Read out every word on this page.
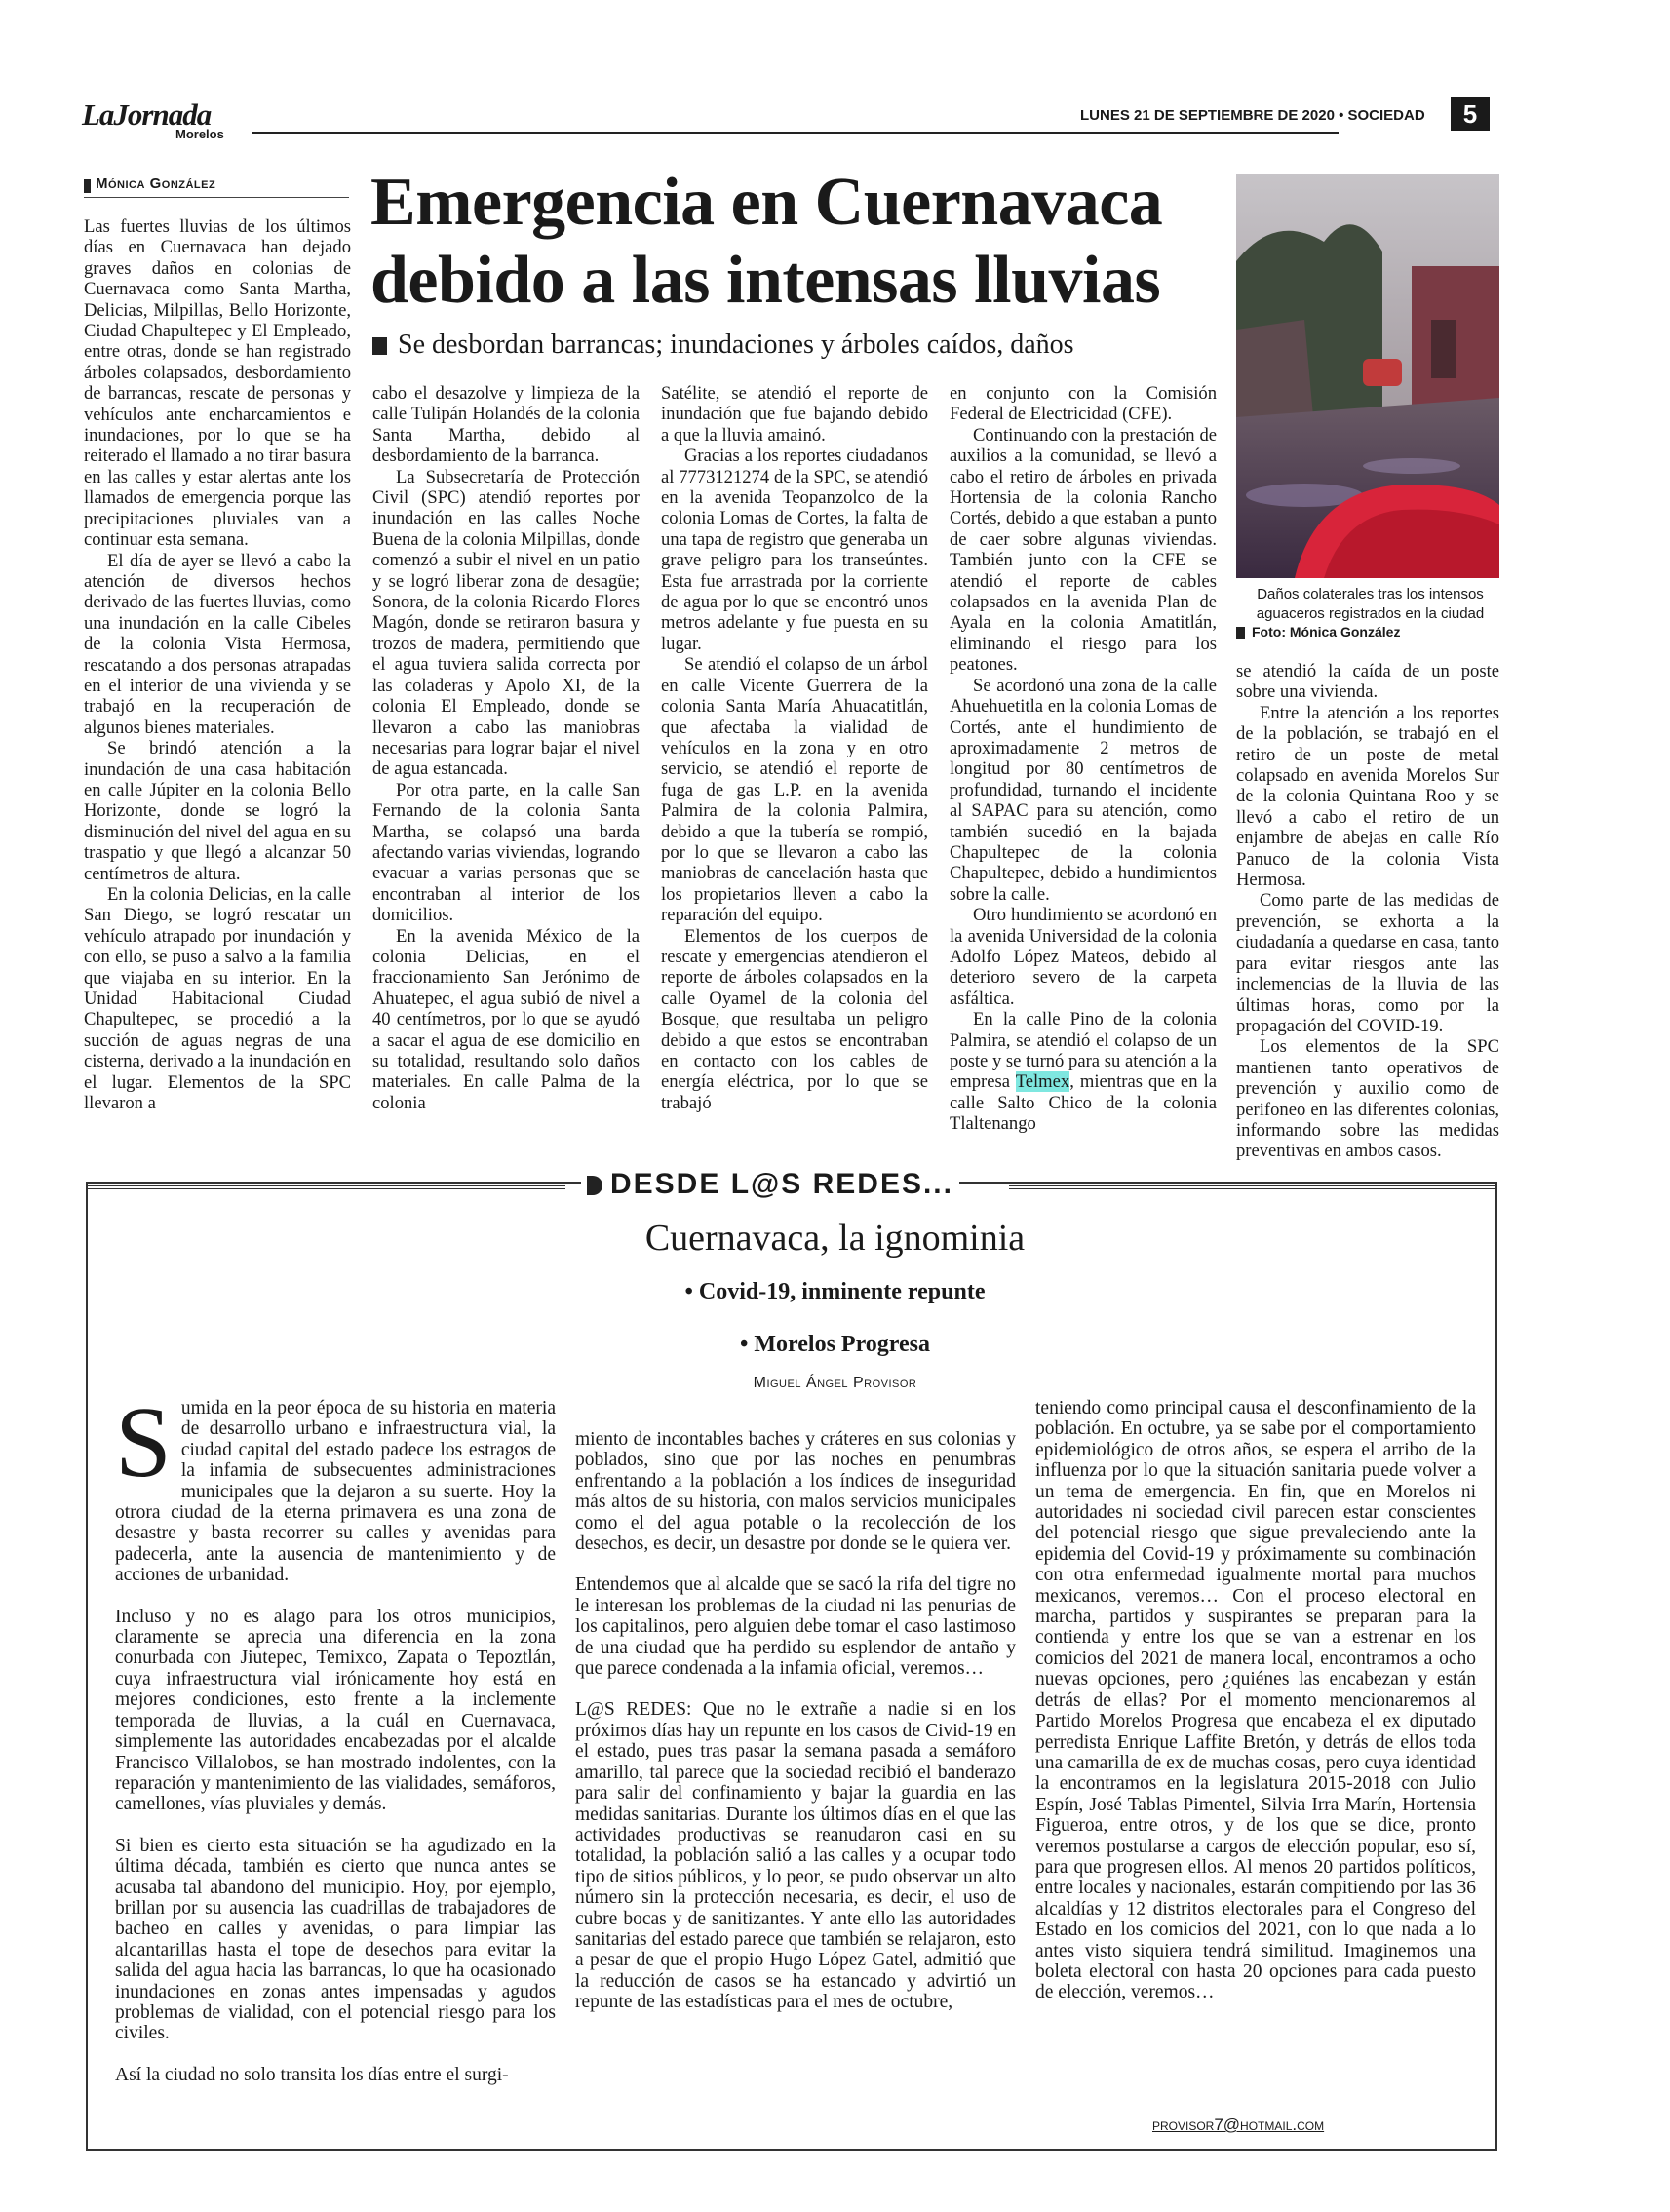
LaJornada
Morelos
LUNES 21 DE SEPTIEMBRE DE 2020 • SOCIEDAD	5
Mónica González Emergencia en Cuernavaca debido a las intensas lluvias
Se desbordan barrancas; inundaciones y árboles caídos, daños
Daños colaterales tras los intensos aguaceros registrados en la ciudad
Foto: Mónica González

Las fuertes lluvias de los últimos días en Cuernavaca han dejado graves daños en colonias de Cuernavaca como Santa Martha, Delicias, Milpillas, Bello Horizonte, Ciudad Chapultepec y El Empleado, entre otras, donde se han registrado árboles colapsados, desbordamiento de barrancas, rescate de personas y vehículos ante encharcamientos e inundaciones, por lo que se ha reiterado el llamado a no tirar basura en las calles y estar alertas ante los llamados de emergencia porque las precipitaciones pluviales van a continuar esta semana.

El día de ayer se llevó a cabo la atención de diversos hechos derivado de las fuertes lluvias, como una inundación en la calle Cibeles de la colonia Vista Hermosa, rescatando a dos personas atrapadas en el interior de una vivienda y se trabajó en la recuperación de algunos bienes materiales.

Se brindó atención a la inundación de una casa habitación en calle Júpiter en la colonia Bello Horizonte, donde se logró la disminución del nivel del agua en su traspatio y que llegó a alcanzar 50 centímetros de altura.

En la colonia Delicias, en la calle San Diego, se logró rescatar un vehículo atrapado por inundación y con ello, se puso a salvo a la familia que viajaba en su interior. En la Unidad Habitacional Ciudad Chapultepec, se procedió a la succión de aguas negras de una cisterna, derivado a la inundación en el lugar. Elementos de la SPC llevaron a

cabo el desazolve y limpieza de la calle Tulipán Holandés de la colonia Santa Martha, debido al desbordamiento de la barranca.

La Subsecretaría de Protección Civil (SPC) atendió reportes por inundación en las calles Noche Buena de la colonia Milpillas, donde comenzó a subir el nivel en un patio y se logró liberar zona de desagüe; Sonora, de la colonia Ricardo Flores Magón, donde se retiraron basura y trozos de madera, permitiendo que el agua tuviera salida correcta por las coladeras y Apolo XI, de la colonia El Empleado, donde se llevaron a cabo las maniobras necesarias para lograr bajar el nivel de agua estancada.

Por otra parte, en la calle San Fernando de la colonia Santa Martha, se colapsó una barda afectando varias viviendas, logrando evacuar a varias personas que se encontraban al interior de los domicilios.

En la avenida México de la colonia Delicias, en el fraccionamiento San Jerónimo de Ahuatepec, el agua subió de nivel a 40 centímetros, por lo que se ayudó a sacar el agua de ese domicilio en su totalidad, resultando solo daños materiales. En calle Palma de la colonia

Satélite, se atendió el reporte de inundación que fue bajando debido a que la lluvia amainó.

Gracias a los reportes ciudadanos al 7773121274 de la SPC, se atendió en la avenida Teopanzolco de la colonia Lomas de Cortes, la falta de una tapa de registro que generaba un grave peligro para los transeúntes. Esta fue arrastrada por la corriente de agua por lo que se encontró unos metros adelante y fue puesta en su lugar.

Se atendió el colapso de un árbol en calle Vicente Guerrera de la colonia Santa María Ahuacatitlán, que afectaba la vialidad de vehículos en la zona y en otro servicio, se atendió el reporte de fuga de gas L.P. en la avenida Palmira de la colonia Palmira, debido a que la tubería se rompió, por lo que se llevaron a cabo las maniobras de cancelación hasta que los propietarios lleven a cabo la reparación del equipo.

Elementos de los cuerpos de rescate y emergencias atendieron el reporte de árboles colapsados en la calle Oyamel de la colonia del Bosque, que resultaba un peligro debido a que estos se encontraban en contacto con los cables de energía eléctrica, por lo que se trabajó

en conjunto con la Comisión Federal de Electricidad (CFE).

Continuando con la prestación de auxilios a la comunidad, se llevó a cabo el retiro de árboles en privada Hortensia de la colonia Rancho Cortés, debido a que estaban a punto de caer sobre algunas viviendas. También junto con la CFE se atendió el reporte de cables colapsados en la avenida Plan de Ayala en la colonia Amatitlán, eliminando el riesgo para los peatones.

Se acordonó una zona de la calle Ahuehuetitla en la colonia Lomas de Cortés, ante el hundimiento de aproximadamente 2 metros de longitud por 80 centímetros de profundidad, turnando el incidente al SAPAC para su atención, como también sucedió en la bajada Chapultepec de la colonia Chapultepec, debido a hundimientos sobre la calle.

Otro hundimiento se acordonó en la avenida Universidad de la colonia Adolfo López Mateos, debido al deterioro severo de la carpeta asfáltica.

En la calle Pino de la colonia Palmira, se atendió el colapso de un poste y se turnó para su atención a la empresa Telmex, mientras que en la calle Salto Chico de la colonia Tlaltenango

se atendió la caída de un poste sobre una vivienda.

Entre la atención a los reportes de la población, se trabajó en el retiro de un poste de metal colapsado en avenida Morelos Sur de la colonia Quintana Roo y se llevó a cabo el retiro de un enjambre de abejas en calle Río Panuco de la colonia Vista Hermosa.

Como parte de las medidas de prevención, se exhorta a la ciudadanía a quedarse en casa, tanto para evitar riesgos ante las inclemencias de la lluvia de las últimas horas, como por la propagación del COVID-19.

Los elementos de la SPC mantienen tanto operativos de prevención y auxilio como de perifoneo en las diferentes colonias, informando sobre las medidas preventivas en ambos casos.

DESDE L@S REDES...
Cuernavaca, la ignominia
• Covid-19, inminente repunte
• Morelos Progresa
Miguel Ángel Provisor

Sumida en la peor época de su historia en materia de desarrollo urbano e infraestructura vial, la ciudad capital del estado padece los estragos de la infamia de subsecuentes administraciones municipales que la dejaron a su suerte. Hoy la otrora ciudad de la eterna primavera es una zona de desastre y basta recorrer su calles y avenidas para padecerla, ante la ausencia de mantenimiento y de acciones de urbanidad.

Incluso y no es alago para los otros municipios, claramente se aprecia una diferencia en la zona conurbada con Jiutepec, Temixco, Zapata o Tepoztlán, cuya infraestructura vial irónicamente hoy está en mejores condiciones, esto frente a la inclemente temporada de lluvias, a la cuál en Cuernavaca, simplemente las autoridades encabezadas por el alcalde Francisco Villalobos, se han mostrado indolentes, con la reparación y mantenimiento de las vialidades, semáforos, camellones, vías pluviales y demás.

Si bien es cierto esta situación se ha agudizado en la última década, también es cierto que nunca antes se acusaba tal abandono del municipio. Hoy, por ejemplo, brillan por su ausencia las cuadrillas de trabajadores de bacheo en calles y avenidas, o para limpiar las alcantarillas hasta el tope de desechos para evitar la salida del agua hacia las barrancas, lo que ha ocasionado inundaciones en zonas antes impensadas y agudos problemas de vialidad, con el potencial riesgo para los civiles.

Así la ciudad no solo transita los días entre el surgi-

miento de incontables baches y cráteres en sus colonias y poblados, sino que por las noches en penumbras enfrentando a la población a los índices de inseguridad más altos de su historia, con malos servicios municipales como el del agua potable o la recolección de los desechos, es decir, un desastre por donde se le quiera ver.

Entendemos que al alcalde que se sacó la rifa del tigre no le interesan los problemas de la ciudad ni las penurias de los capitalinos, pero alguien debe tomar el caso lastimoso de una ciudad que ha perdido su esplendor de antaño y que parece condenada a la infamia oficial, veremos…

L@S REDES: Que no le extrañe a nadie si en los próximos días hay un repunte en los casos de Civid-19 en el estado, pues tras pasar la semana pasada a semáforo amarillo, tal parece que la sociedad recibió el banderazo para salir del confinamiento y bajar la guardia en las medidas sanitarias. Durante los últimos días en el que las actividades productivas se reanudaron casi en su totalidad, la población salió a las calles y a ocupar todo tipo de sitios públicos, y lo peor, se pudo observar un alto número sin la protección necesaria, es decir, el uso de cubre bocas y de sanitizantes. Y ante ello las autoridades sanitarias del estado parece que también se relajaron, esto a pesar de que el propio Hugo López Gatel, admitió que la reducción de casos se ha estancado y advirtió un repunte de las estadísticas para el mes de octubre,

teniendo como principal causa el desconfinamiento de la población. En octubre, ya se sabe por el comportamiento epidemiológico de otros años, se espera el arribo de la influenza por lo que la situación sanitaria puede volver a un tema de emergencia. En fin, que en Morelos ni autoridades ni sociedad civil parecen estar conscientes del potencial riesgo que sigue prevaleciendo ante la epidemia del Covid-19 y próximamente su combinación con otra enfermedad igualmente mortal para muchos mexicanos, veremos… Con el proceso electoral en marcha, partidos y suspirantes se preparan para la contienda y entre los que se van a estrenar en los comicios del 2021 de manera local, encontramos a ocho nuevas opciones, pero ¿quiénes las encabezan y están detrás de ellas? Por el momento mencionaremos al Partido Morelos Progresa que encabeza el ex diputado perredista Enrique Laffite Bretón, y detrás de ellos toda una camarilla de ex de muchas cosas, pero cuya identidad la encontramos en la legislatura 2015-2018 con Julio Espín, José Tablas Pimentel, Silvia Irra Marín, Hortensia Figueroa, entre otros, y de los que se dice, pronto veremos postularse a cargos de elección popular, eso sí, para que progresen ellos. Al menos 20 partidos políticos, entre locales y nacionales, estarán compitiendo por las 36 alcaldías y 12 distritos electorales para el Congreso del Estado en los comicios del 2021, con lo que nada a lo antes visto siquiera tendrá similitud. Imaginemos una boleta electoral con hasta 20 opciones para cada puesto de elección, veremos…

provisor7@hotmail.com
